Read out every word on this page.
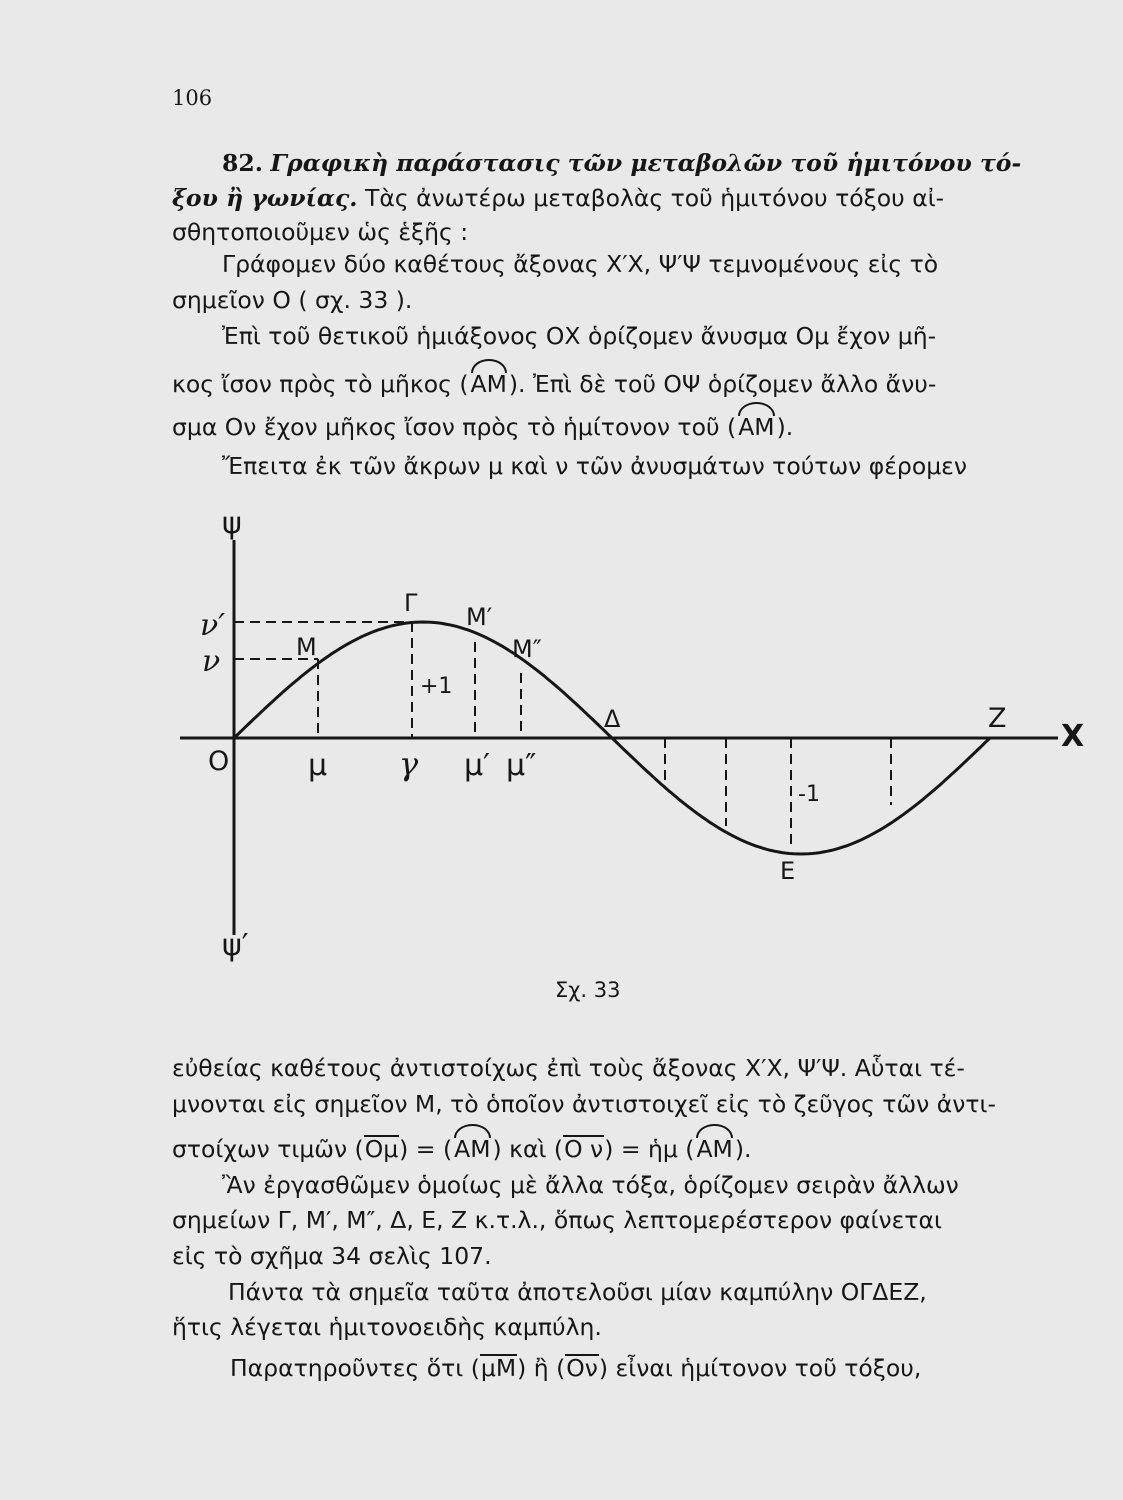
106
82. Γραφικὴ παράστασις τῶν μεταβολῶν τοῦ ἡμιτόνου τό-
ξου ἢ γωνίας. Τὰς ἀνωτέρω μεταβολὰς τοῦ ἡμιτόνου τόξου αἰ-
σθητοποιοῦμεν ὡς ἑξῆς :
Γράφομεν δύο καθέτους ἄξονας Χ′Χ, Ψ′Ψ τεμνομένους εἰς τὸ
σημεῖον Ο ( σχ. 33 ).
Ἐπὶ τοῦ θετικοῦ ἡμιάξονος ΟΧ ὁρίζομεν ἄνυσμα Ομ ἔχον μῆ-
κος ἴσον πρὸς τὸ μῆκος (ΑΜ). Ἐπὶ δὲ τοῦ ΟΨ ὁρίζομεν ἄλλο ἄνυ-
σμα Ον ἔχον μῆκος ἴσον πρὸς τὸ ἡμίτονον τοῦ (ΑΜ).
Ἔπειτα ἐκ τῶν ἄκρων μ καὶ ν τῶν ἀνυσμάτων τούτων φέρομεν
ψ
ψ′
ν′
ν
Ο
Χ
μ γ μ′ μ″
Μ
Γ Μ′
Μ″
Δ	Ζ
Ε
+1
-1
Σχ. 33
εὐθείας καθέτους ἀντιστοίχως ἐπὶ τοὺς ἄξονας Χ′Χ, Ψ′Ψ. Αὗται τέ-
μνονται εἰς σημεῖον Μ, τὸ ὁποῖον ἀντιστοιχεῖ εἰς τὸ ζεῦγος τῶν ἀντι-
στοίχων τιμῶν (Ομ) = (ΑΜ) καὶ (Ο ν) = ἡμ (ΑΜ).
Ἂν ἐργασθῶμεν ὁμοίως μὲ ἄλλα τόξα, ὁρίζομεν σειρὰν ἄλλων
σημείων Γ, Μ′, Μ″, Δ, Ε, Ζ κ.τ.λ., ὅπως λεπτομερέστερον φαίνεται
εἰς τὸ σχῆμα 34 σελὶς 107.
Πάντα τὰ σημεῖα ταῦτα ἀποτελοῦσι μίαν καμπύλην ΟΓΔΕΖ,
ἥτις λέγεται ἡμιτονοειδὴς καμπύλη.
Παρατηροῦντες ὅτι (μΜ) ἢ (Ον) εἶναι ἡμίτονον τοῦ τόξου,
